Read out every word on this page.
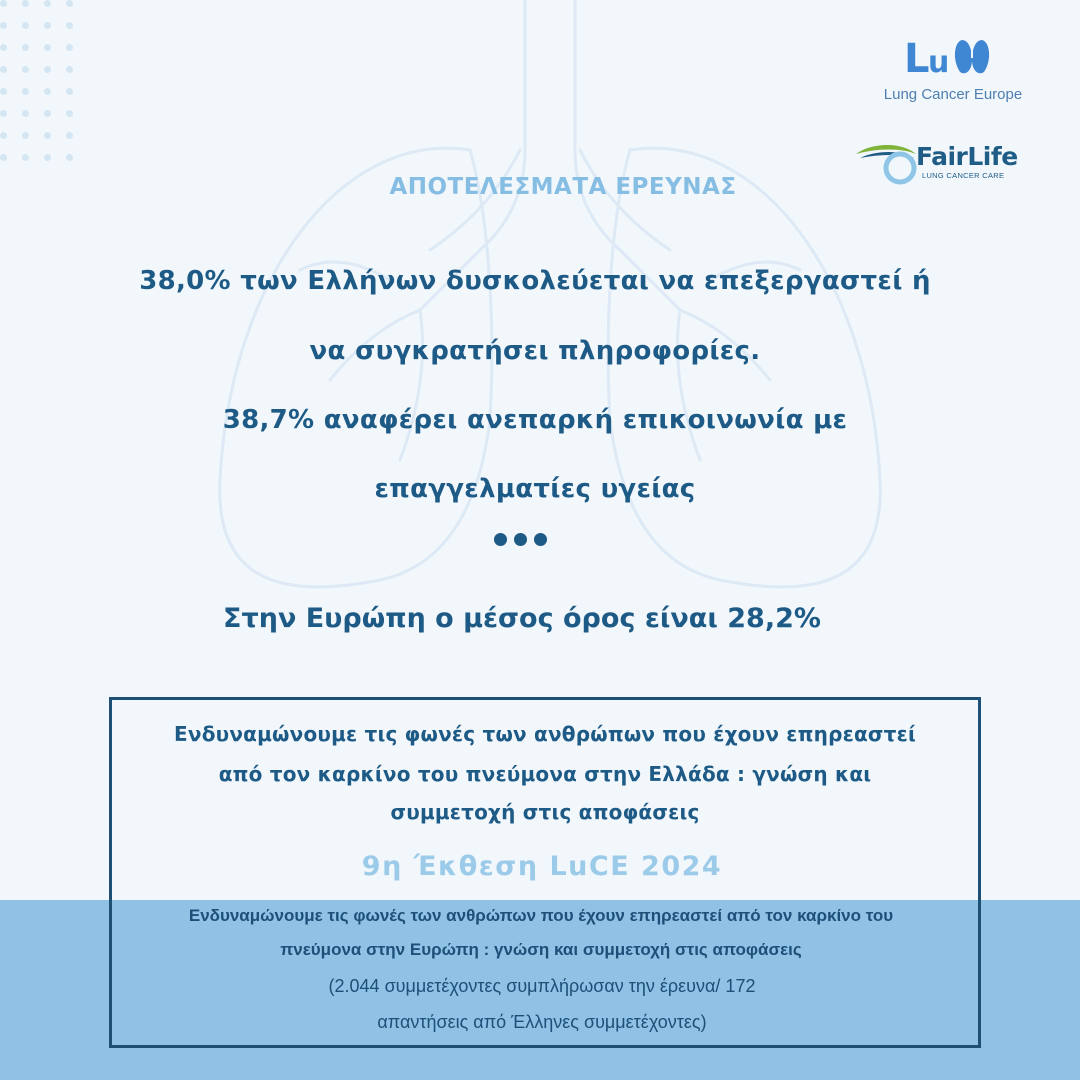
L u
Lung Cancer Europe
FairLife
LUNG CANCER CARE
ΑΠΟΤΕΛΕΣΜΑΤΑ ΕΡΕΥΝΑΣ
38,0% των Ελλήνων δυσκολεύεται να επεξεργαστεί ή
να συγκρατήσει πληροφορίες.
38,7% αναφέρει ανεπαρκή επικοινωνία με
επαγγελματίες υγείας
Στην Ευρώπη ο μέσος όρος είναι 28,2%
Ενδυναμώνουμε τις φωνές των ανθρώπων που έχουν επηρεαστεί
από τον καρκίνο του πνεύμονα στην Ελλάδα : γνώση και
συμμετοχή στις αποφάσεις
9η Έκθεση LuCE 2024
Ενδυναμώνουμε τις φωνές των ανθρώπων που έχουν επηρεαστεί από τον καρκίνο του
πνεύμονα στην Ευρώπη : γνώση και συμμετοχή στις αποφάσεις
(2.044 συμμετέχοντες συμπλήρωσαν την έρευνα/ 172
απαντήσεις από Έλληνες συμμετέχοντες)
